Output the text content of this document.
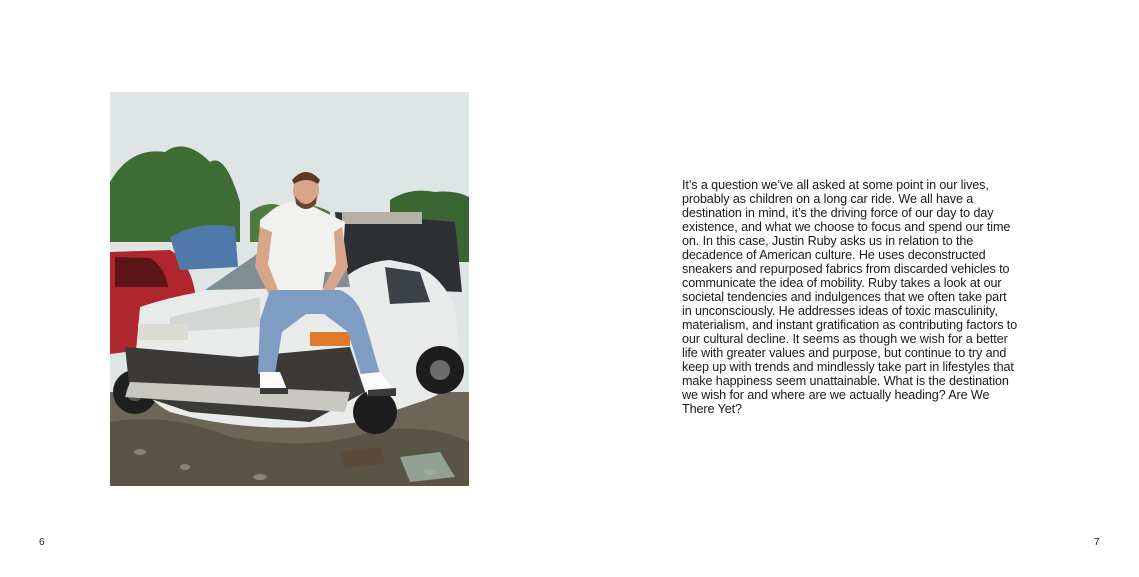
It’s a question we’ve all asked at some point in our lives, probably as children on a long car ride. We all have a destination in mind, it’s the driving force of our day to day existence, and what we choose to focus and spend our time on. In this case, Justin Ruby asks us in relation to the decadence of American culture. He uses deconstructed sneakers and repurposed fabrics from discarded vehicles to communicate the idea of mobility. Ruby takes a look at our societal tendencies and indulgences that we often take part in unconsciously. He addresses ideas of toxic masculinity, materialism, and instant gratification as contributing factors to our cultural decline. It seems as though we wish for a better life with greater values and purpose, but continue to try and keep up with trends and mindlessly take part in lifestyles that make happiness seem unattainable. What is the destination we wish for and where are we actually heading? Are We There Yet?

6	7
